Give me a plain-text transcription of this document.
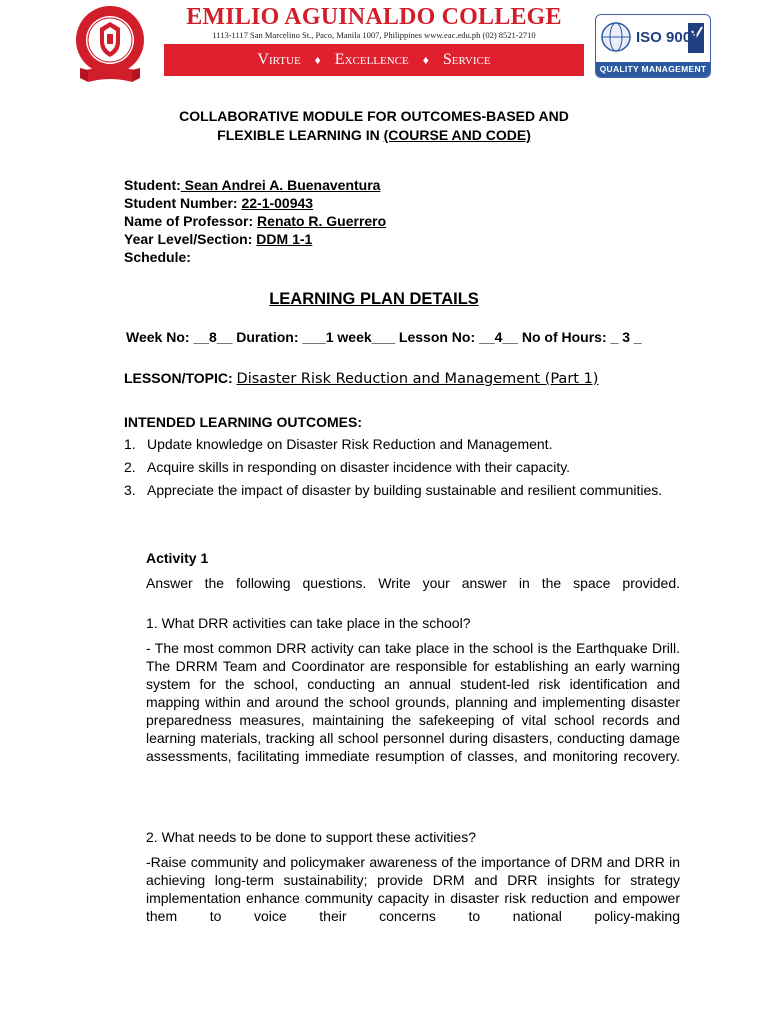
EMILIO AGUINALDO COLLEGE
1113-1117 San Marcelino St., Paco, Manila 1007, Philippines www.eac.edu.ph (02) 8521-2710
Virtue ♦ Excellence ♦ Service
ISO 9001
QUALITY MANAGEMENT
COLLABORATIVE MODULE FOR OUTCOMES-BASED AND
FLEXIBLE LEARNING IN (COURSE AND CODE)
Student: Sean Andrei A. Buenaventura
Student Number: 22-1-00943
Name of Professor: Renato R. Guerrero
Year Level/Section: DDM 1-1
Schedule:
LEARNING PLAN DETAILS
Week No: __8__ Duration: ___1 week___ Lesson No: __4__ No of Hours: _ 3 _
LESSON/TOPIC: Disaster Risk Reduction and Management (Part 1)
INTENDED LEARNING OUTCOMES:
1. Update knowledge on Disaster Risk Reduction and Management.
2. Acquire skills in responding on disaster incidence with their capacity.
3. Appreciate the impact of disaster by building sustainable and resilient communities.
Activity 1
Answer the following questions. Write your answer in the space provided.
1. What DRR activities can take place in the school?
- The most common DRR activity can take place in the school is the Earthquake Drill. The DRRM Team and Coordinator are responsible for establishing an early warning system for the school, conducting an annual student-led risk identification and mapping within and around the school grounds, planning and implementing disaster preparedness measures, maintaining the safekeeping of vital school records and learning materials, tracking all school personnel during disasters, conducting damage assessments, facilitating immediate resumption of classes, and monitoring recovery.
2. What needs to be done to support these activities?
-Raise community and policymaker awareness of the importance of DRM and DRR in achieving long-term sustainability; provide DRM and DRR insights for strategy implementation enhance community capacity in disaster risk reduction and empower them to voice their concerns to national policy-making
